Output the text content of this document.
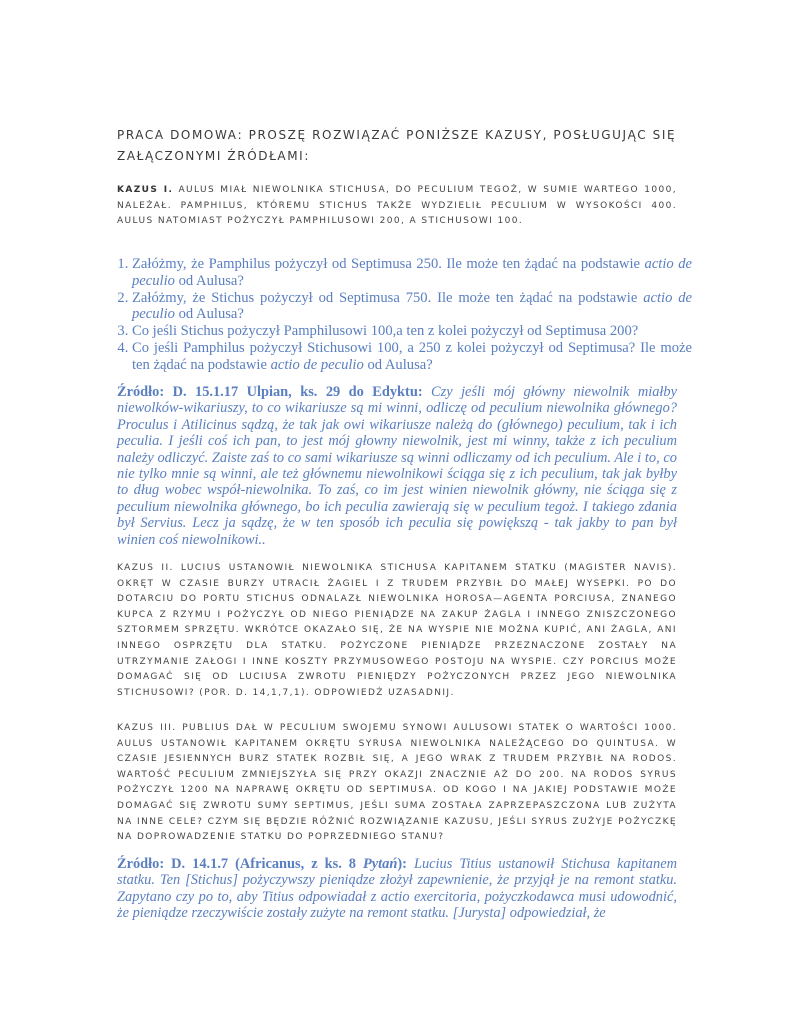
praca domowa: proszę rozwiązać poniższe kazusy, posługując się załączonymi źródłami:
kazus i. aulus miał niewolnika stichusa, do peculium tegoż, w sumie wartego 1000, należał. pamphilus, któremu stichus także wydzielił peculium w wysokości 400. aulus natomiast pożyczył pamphilusowi 200, a stichusowi 100.
1. Załóżmy, że Pamphilus pożyczył od Septimusa 250. Ile może ten żądać na podstawie actio de peculio od Aulusa?
2. Załóżmy, że Stichus pożyczył od Septimusa 750. Ile może ten żądać na podstawie actio de peculio od Aulusa?
3. Co jeśli Stichus pożyczył Pamphilusowi 100,a ten z kolei pożyczył od Septimusa 200?
4. Co jeśli Pamphilus pożyczył Stichusowi 100, a 250 z kolei pożyczył od Septimusa? Ile może ten żądać na podstawie actio de peculio od Aulusa?
Źródło: D. 15.1.17 Ulpian, ks. 29 do Edyktu: Czy jeśli mój główny niewolnik miałby niewolków-wikariuszy, to co wikariusze są mi winni, odliczę od peculium niewolnika głównego? Proculus i Atilicinus sądzą, że tak jak owi wikariusze należą do (głównego) peculium, tak i ich peculia. I jeśli coś ich pan, to jest mój głowny niewolnik, jest mi winny, także z ich peculium należy odliczyć. Zaiste zaś to co sami wikariusze są winni odliczamy od ich peculium. Ale i to, co nie tylko mnie są winni, ale też głównemu niewolnikowi ściąga się z ich peculium, tak jak byłby to dług wobec współ-niewolnika. To zaś, co im jest winien niewolnik główny, nie ściąga się z peculium niewolnika głównego, bo ich peculia zawierają się w peculium tegoż. I takiego zdania był Servius. Lecz ja sądzę, że w ten sposób ich peculia się powiększą - tak jakby to pan był winien coś niewolnikowi..
kazus ii. lucius ustanowił niewolnika stichusa kapitanem statku (magister navis). okręt w czasie burzy utracił żagiel i z trudem przybił do małej wysepki. po do dotarciu do portu stichus odnalazł niewolnika horosa—agenta porciusa, znanego kupca z rzymu i pożyczył od niego pieniądze na zakup żagla i innego zniszczonego sztormem sprzętu. wkrótce okazało się, że na wyspie nie można kupić, ani żagla, ani innego osprzętu dla statku. pożyczone pieniądze przeznaczone zostały na utrzymanie załogi i inne koszty przymusowego postoju na wyspie. czy porcius może domagać się od luciusa zwrotu pieniędzy pożyczonych przez jego niewolnika stichusowi? (por. d. 14,1,7,1). odpowiedź uzasadnij.
kazus iii. publius dał w peculium swojemu synowi aulusowi statek o wartości 1000. aulus ustanowił kapitanem okrętu syrusa niewolnika należącego do quintusa. w czasie jesiennych burz statek rozbił się, a jego wrak z trudem przybił na rodos. wartość peculium zmniejszyła się przy okazji znacznie aż do 200. na rodos syrus pożyczył 1200 na naprawę okrętu od septimusa. od kogo i na jakiej podstawie może domagać się zwrotu sumy septimus, jeśli suma została zaprzepaszczona lub zużyta na inne cele? czym się będzie różnić rozwiązanie kazusu, jeśli syrus zużyje pożyczkę na doprowadzenie statku do poprzedniego stanu?
Źródło: D. 14.1.7 (Africanus, z ks. 8 Pytań): Lucius Titius ustanowił Stichusa kapitanem statku. Ten [Stichus] pożyczywszy pieniądze złożył zapewnienie, że przyjął je na remont statku. Zapytano czy po to, aby Titius odpowiadał z actio exercitoria, pożyczkodawca musi udowodnić, że pieniądze rzeczywiście zostały zużyte na remont statku. [Jurysta] odpowiedział, że
